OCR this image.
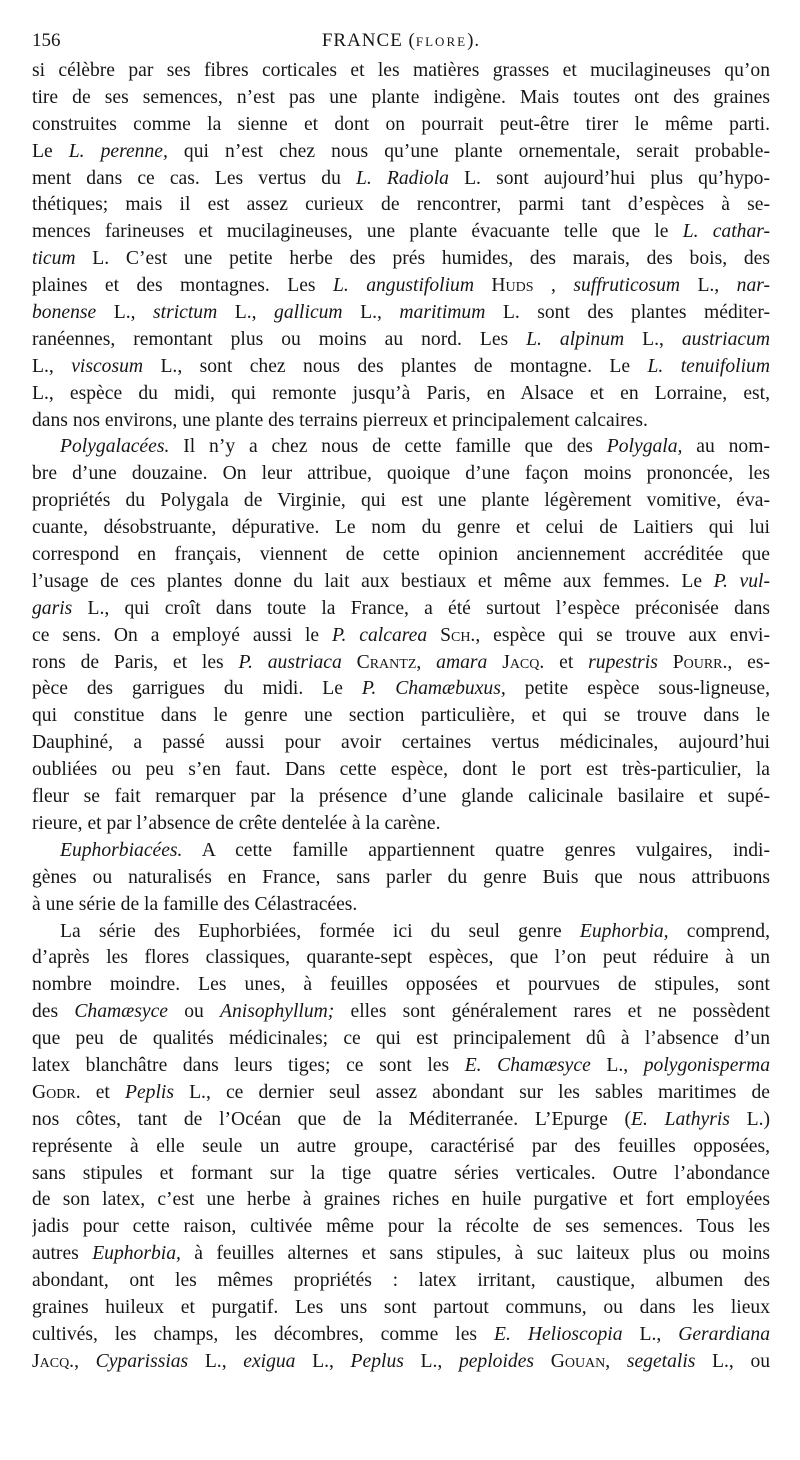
156	FRANCE (FLORE).
si célèbre par ses fibres corticales et les matières grasses et mucilagineuses qu’on
tire de ses semences, n’est pas une plante indigène. Mais toutes ont des graines
construites comme la sienne et dont on pourrait peut-être tirer le même parti.
Le L. perenne, qui n’est chez nous qu’une plante ornementale, serait probable-
ment dans ce cas. Les vertus du L. Radiola L. sont aujourd’hui plus qu’hypo-
thétiques; mais il est assez curieux de rencontrer, parmi tant d’espèces à se-
mences farineuses et mucilagineuses, une plante évacuante telle que le L. cathar-
ticum L. C’est une petite herbe des prés humides, des marais, des bois, des
plaines et des montagnes. Les L. angustifolium Huds , suffruticosum L., nar-
bonense L., strictum L., gallicum L., maritimum L. sont des plantes méditer-
ranéennes, remontant plus ou moins au nord. Les L. alpinum L., austriacum
L., viscosum L., sont chez nous des plantes de montagne. Le L. tenuifolium
L., espèce du midi, qui remonte jusqu’à Paris, en Alsace et en Lorraine, est,
dans nos environs, une plante des terrains pierreux et principalement calcaires.
Polygalacées. Il n’y a chez nous de cette famille que des Polygala, au nom-
bre d’une douzaine. On leur attribue, quoique d’une façon moins prononcée, les
propriétés du Polygala de Virginie, qui est une plante légèrement vomitive, éva-
cuante, désobstruante, dépurative. Le nom du genre et celui de Laitiers qui lui
correspond en français, viennent de cette opinion anciennement accréditée que
l’usage de ces plantes donne du lait aux bestiaux et même aux femmes. Le P. vul-
garis L., qui croît dans toute la France, a été surtout l’espèce préconisée dans
ce sens. On a employé aussi le P. calcarea Sch., espèce qui se trouve aux envi-
rons de Paris, et les P. austriaca Crantz, amara Jacq. et rupestris Pourr., es-
pèce des garrigues du midi. Le P. Chamæbuxus, petite espèce sous-ligneuse,
qui constitue dans le genre une section particulière, et qui se trouve dans le
Dauphiné, a passé aussi pour avoir certaines vertus médicinales, aujourd’hui
oubliées ou peu s’en faut. Dans cette espèce, dont le port est très-particulier, la
fleur se fait remarquer par la présence d’une glande calicinale basilaire et supé-
rieure, et par l’absence de crête dentelée à la carène.
Euphorbiacées. A cette famille appartiennent quatre genres vulgaires, indi-
gènes ou naturalisés en France, sans parler du genre Buis que nous attribuons
à une série de la famille des Célastracées.
La série des Euphorbiées, formée ici du seul genre Euphorbia, comprend,
d’après les flores classiques, quarante-sept espèces, que l’on peut réduire à un
nombre moindre. Les unes, à feuilles opposées et pourvues de stipules, sont
des Chamæsyce ou Anisophyllum; elles sont généralement rares et ne possèdent
que peu de qualités médicinales; ce qui est principalement dû à l’absence d’un
latex blanchâtre dans leurs tiges; ce sont les E. Chamæsyce L., polygonisperma
Godr. et Peplis L., ce dernier seul assez abondant sur les sables maritimes de
nos côtes, tant de l’Océan que de la Méditerranée. L’Epurge (E. Lathyris L.)
représente à elle seule un autre groupe, caractérisé par des feuilles opposées,
sans stipules et formant sur la tige quatre séries verticales. Outre l’abondance
de son latex, c’est une herbe à graines riches en huile purgative et fort employées
jadis pour cette raison, cultivée même pour la récolte de ses semences. Tous les
autres Euphorbia, à feuilles alternes et sans stipules, à suc laiteux plus ou moins
abondant, ont les mêmes propriétés : latex irritant, caustique, albumen des
graines huileux et purgatif. Les uns sont partout communs, ou dans les lieux
cultivés, les champs, les décombres, comme les E. Helioscopia L., Gerardiana
Jacq., Cyparissias L., exigua L., Peplus L., peploides Gouan, segetalis L., ou
